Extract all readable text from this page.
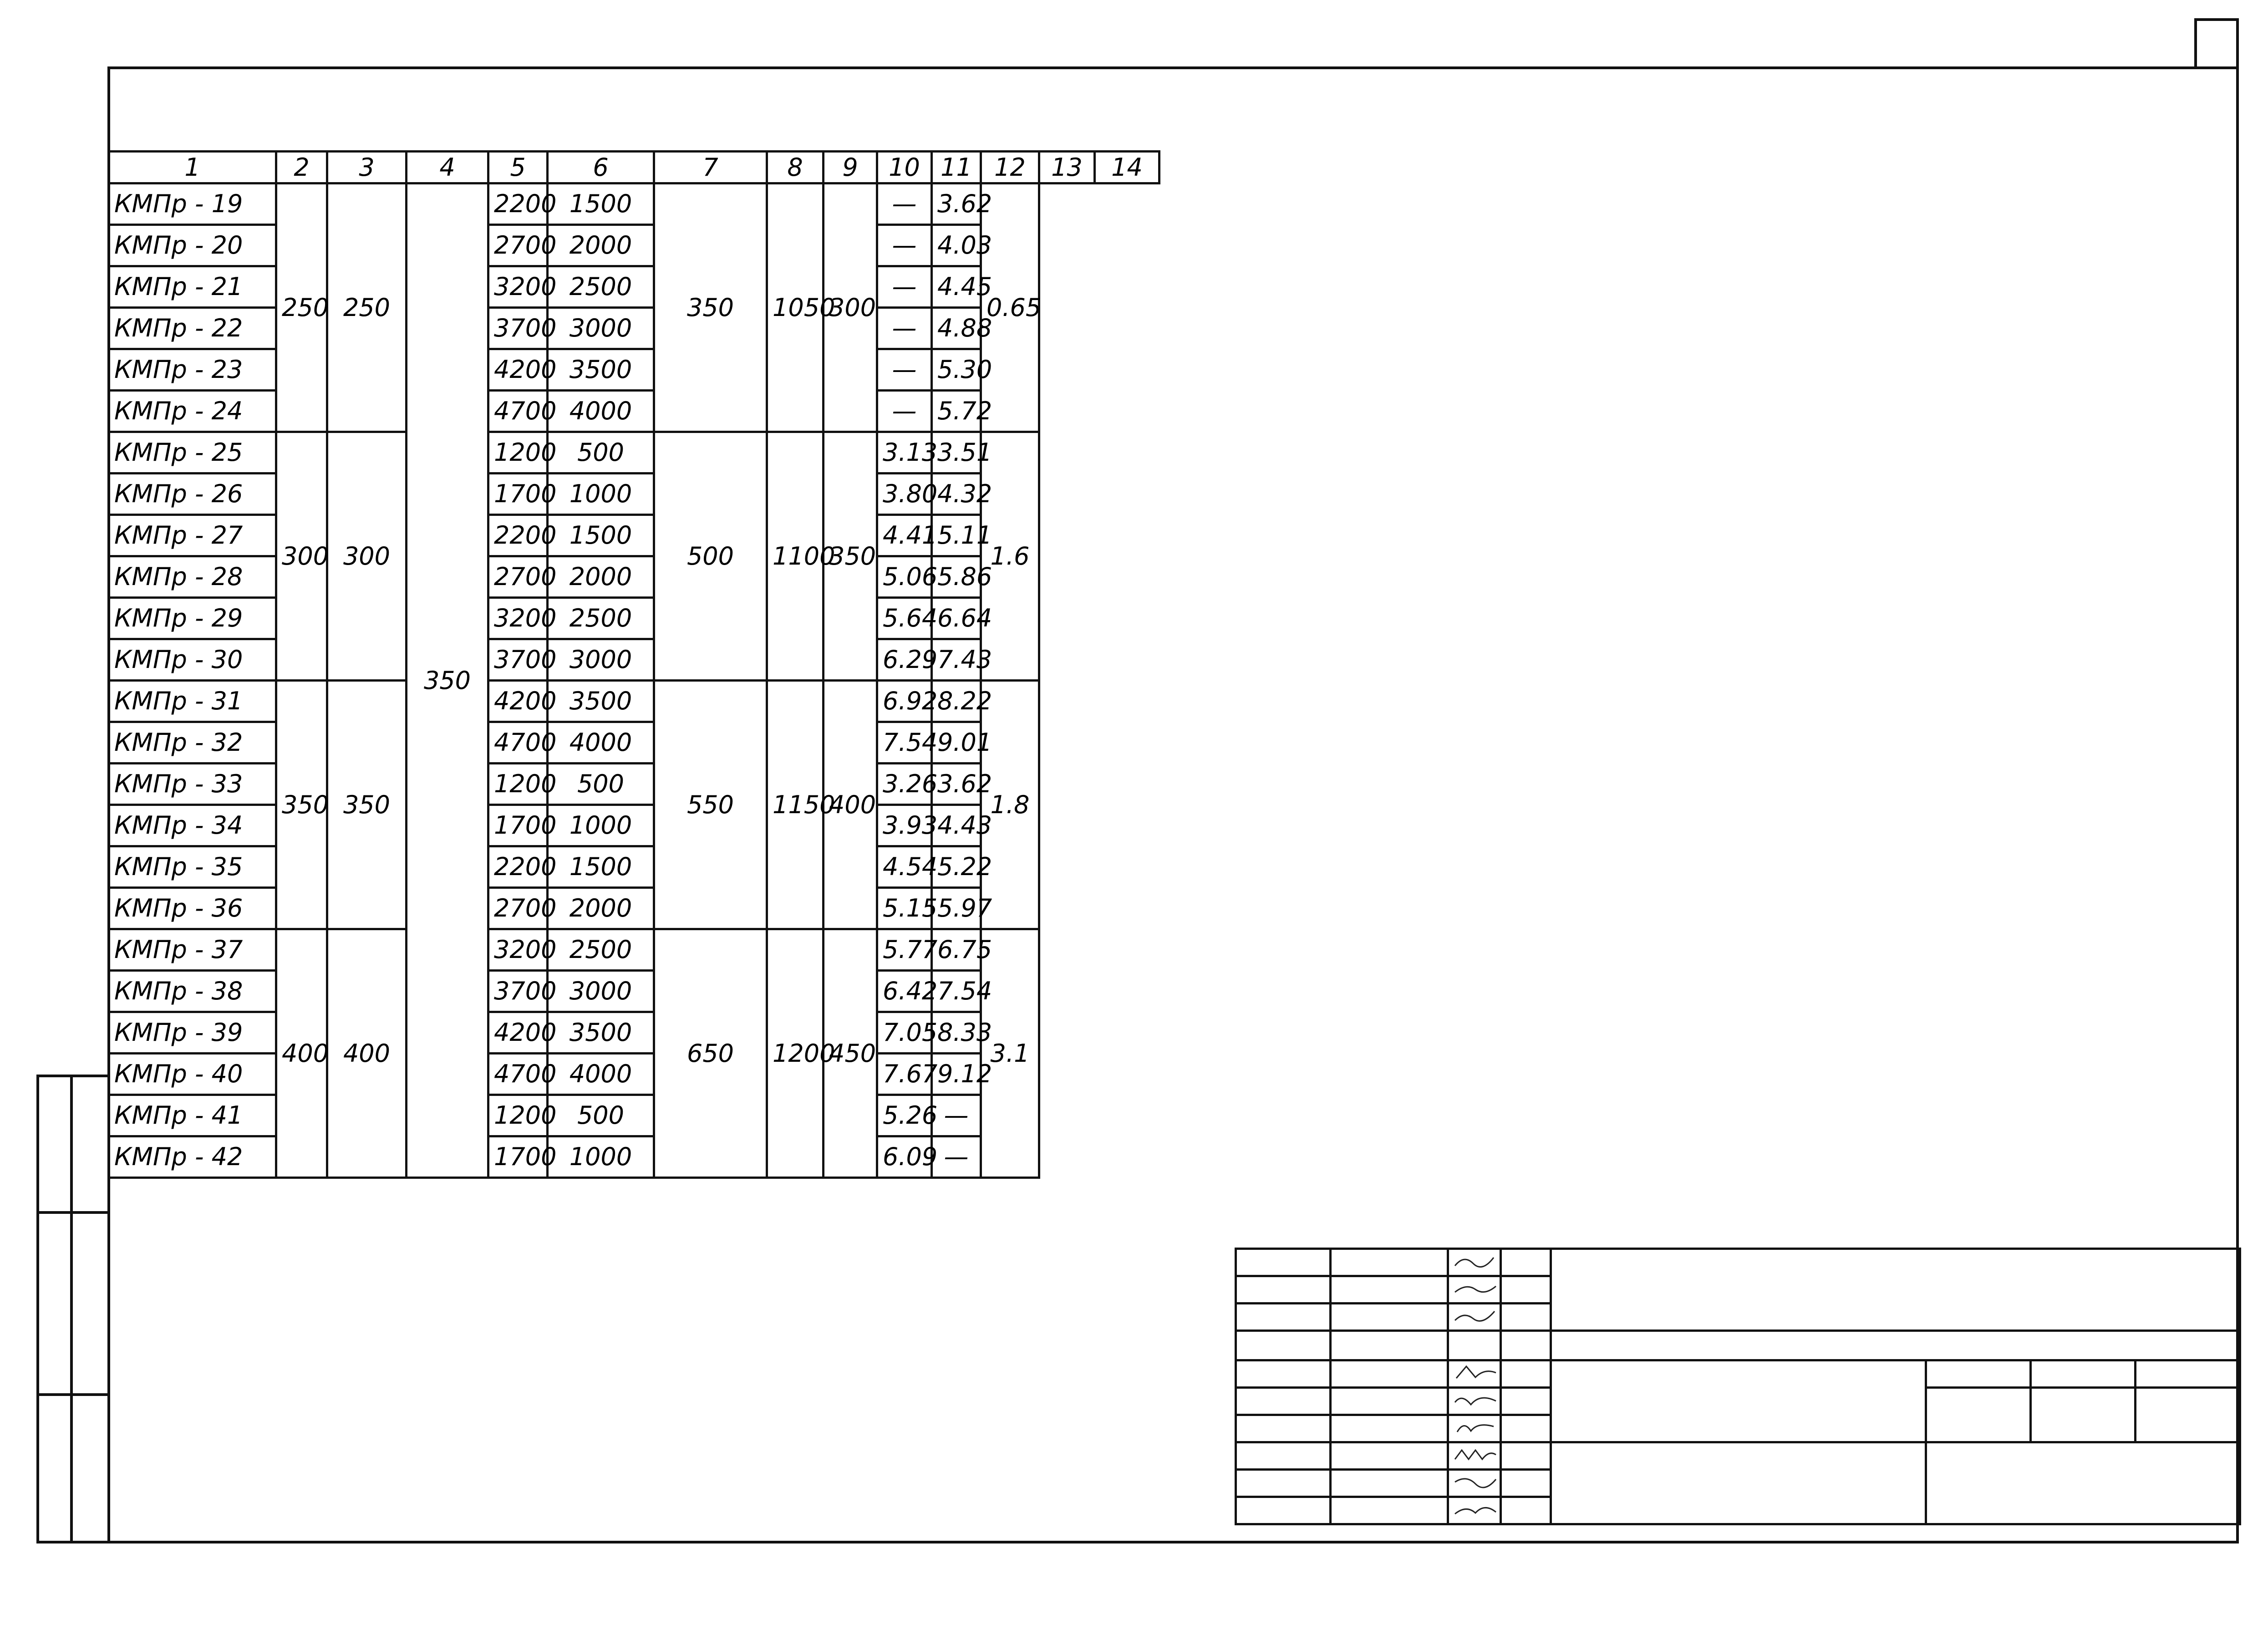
1	2	3	4	5	6	7	8	9	10	11	12	13	14
КМПр - 19	250	250	350	2200	1500	350	1050	300	—	3.62	0.65		
КМПр - 20				2700	2000				—	4.03			
КМПр - 21				3200	2500				—	4.45			
КМПр - 22				3700	3000				—	4.88			
КМПр - 23				4200	3500				—	5.30			
КМПр - 24				4700	4000				—	5.72			
КМПр - 25	300	300		1200	500	500	1100	350	3.13	3.51	1.6		
КМПр - 26				1700	1000				3.80	4.32			
КМПр - 27				2200	1500				4.41	5.11			
КМПр - 28				2700	2000				5.06	5.86			
КМПр - 29				3200	2500				5.64	6.64			
КМПр - 30				3700	3000				6.29	7.43			
КМПр - 31	350	350		4200	3500	550	1150	400	6.92	8.22	1.8		
КМПр - 32				4700	4000				7.54	9.01			
КМПр - 33				1200	500				3.26	3.62			
КМПр - 34				1700	1000				3.93	4.43			
КМПр - 35				2200	1500				4.54	5.22			
КМПр - 36				2700	2000				5.15	5.97			
КМПр - 37	400	400		3200	2500	650	1200	450	5.77	6.75	3.1		
КМПр - 38				3700	3000				6.42	7.54			
КМПр - 39				4200	3500				7.05	8.33			
КМПр - 40				4700	4000				7.67	9.12			
КМПр - 41				1200	500				5.26	—			
КМПр - 42				1700	1000				6.09	—			
